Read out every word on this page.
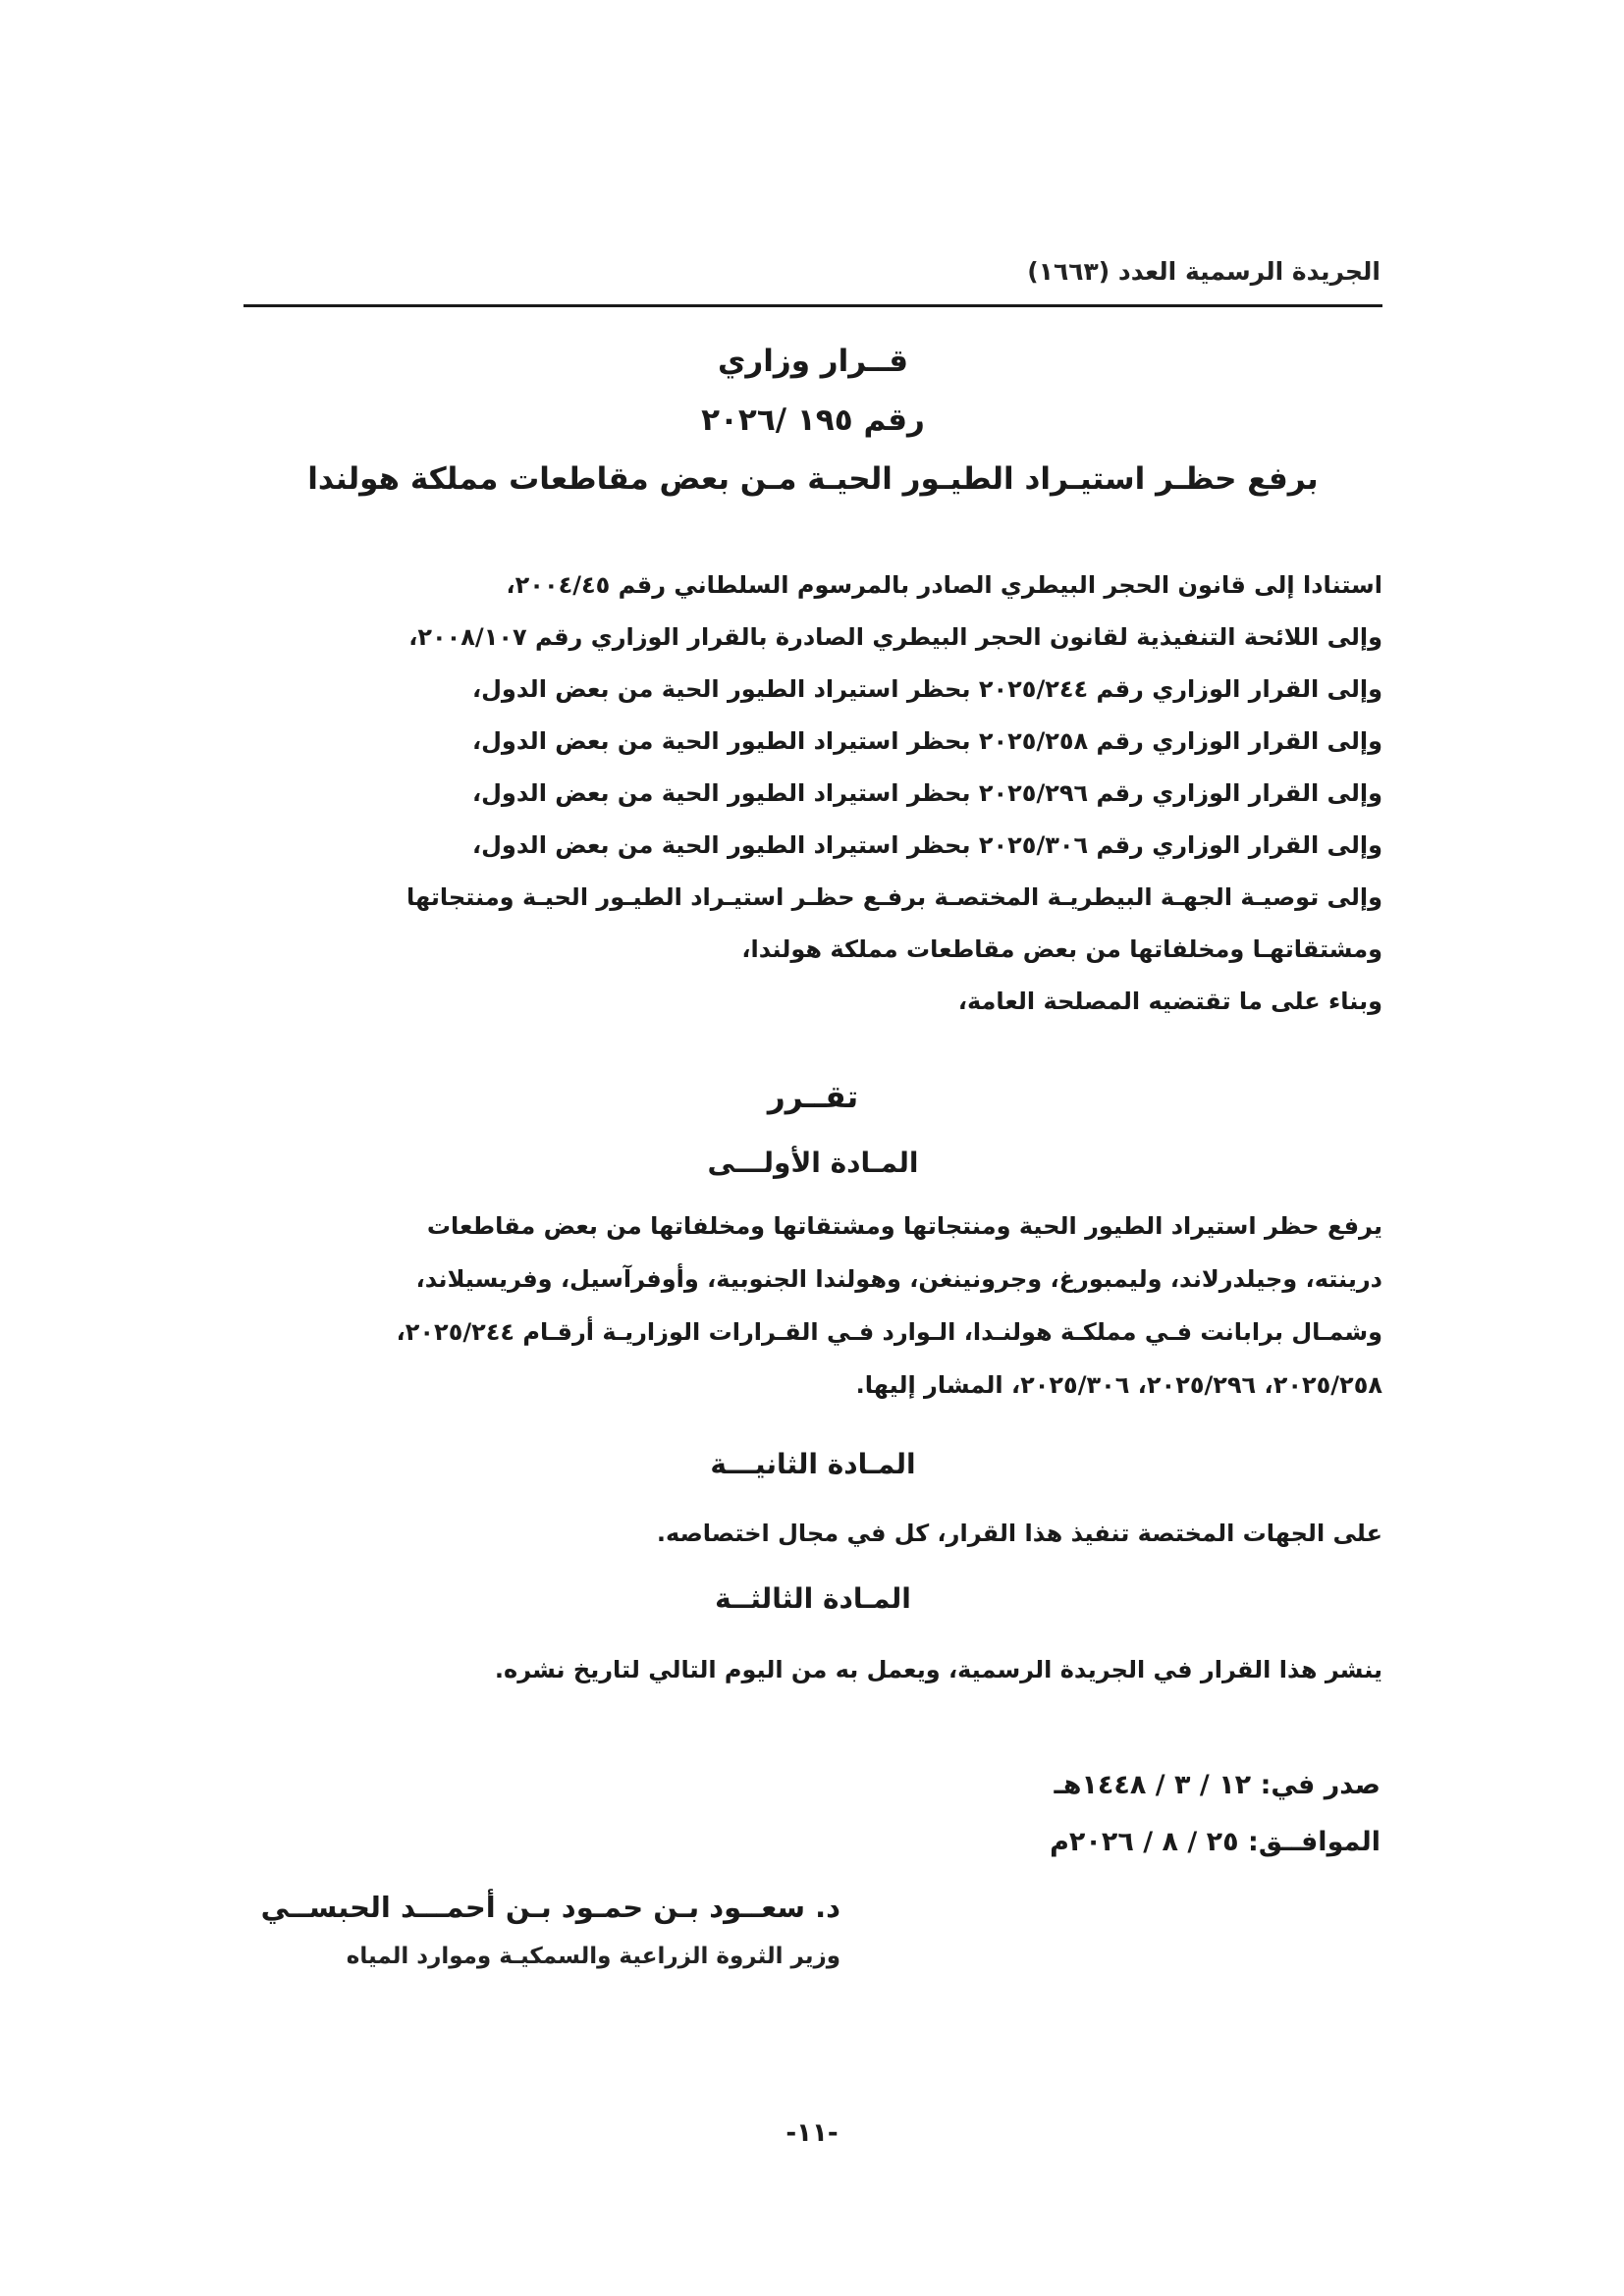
الجريدة الرسمية العدد (١٦٦٣)

قــرار وزاري

رقم ١٩٥ /٢٠٢٦

برفع حظـر استيـراد الطيـور الحيـة مـن بعض مقاطعات مملكة هولندا

استنادا إلى قانون الحجر البيطري الصادر بالمرسوم السلطاني رقم ٢٠٠٤/٤٥،

وإلى اللائحة التنفيذية لقانون الحجر البيطري الصادرة بالقرار الوزاري رقم ٢٠٠٨/١٠٧،

وإلى القرار الوزاري رقم ٢٠٢٥/٢٤٤ بحظر استيراد الطيور الحية من بعض الدول،

وإلى القرار الوزاري رقم ٢٠٢٥/٢٥٨ بحظر استيراد الطيور الحية من بعض الدول،

وإلى القرار الوزاري رقم ٢٠٢٥/٢٩٦ بحظر استيراد الطيور الحية من بعض الدول،

وإلى القرار الوزاري رقم ٢٠٢٥/٣٠٦ بحظر استيراد الطيور الحية من بعض الدول،

وإلى توصيـة الجهـة البيطريـة المختصـة برفـع حظـر استيـراد الطيـور الحيـة ومنتجاتها

ومشتقاتهـا ومخلفاتها من بعض مقاطعات مملكة هولندا،

وبناء على ما تقتضيه المصلحة العامة،

تقــرر

المـادة الأولـــى

يرفع حظر استيراد الطيور الحية ومنتجاتها ومشتقاتها ومخلفاتها من بعض مقاطعات

درينته، وجيلدرلاند، وليمبورغ، وجرونينغن، وهولندا الجنوبية، وأوفرآسيل، وفريسيلاند،

وشمـال برابانت فـي مملكـة هولنـدا، الـوارد فـي القـرارات الوزاريـة أرقـام ٢٠٢٥/٢٤٤،

٢٠٢٥/٢٥٨، ٢٠٢٥/٢٩٦، ٢٠٢٥/٣٠٦، المشار إليها.

المـادة الثانيـــة

على الجهات المختصة تنفيذ هذا القرار، كل في مجال اختصاصه.

المـادة الثالثــة

ينشر هذا القرار في الجريدة الرسمية، ويعمل به من اليوم التالي لتاريخ نشره.

صدر في: ١٢ / ٣ / ١٤٤٨هـ

الموافــق: ٢٥ / ٨ / ٢٠٢٦م

د. سعــود بـن حمـود بـن أحمـــد الحبســي

وزير الثروة الزراعية والسمكيـة وموارد المياه

-١١-
